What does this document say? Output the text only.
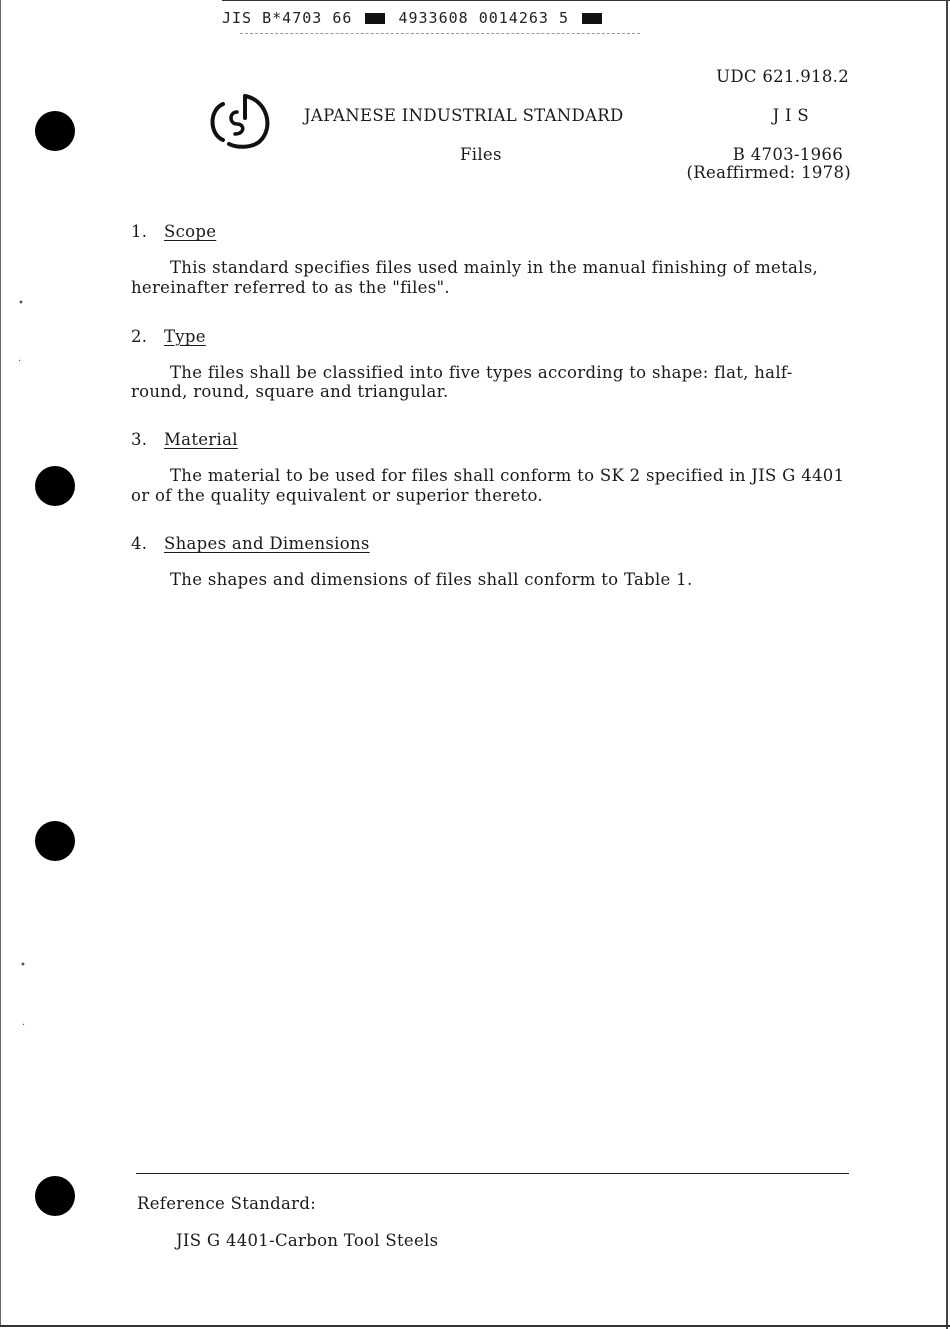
JIS B*4703 66	4933608 0014263 5
JAPANESE INDUSTRIAL STANDARD
Files
UDC 621.918.2
J I S
B 4703-1966
(Reaffirmed: 1978)
1. Scope
This standard specifies files used mainly in the manual finishing of metals,
hereinafter referred to as the "files".
2. Type
The files shall be classified into five types according to shape: flat, half-
round, round, square and triangular.
3. Material
The material to be used for files shall conform to SK 2 specified in JIS G 4401
or of the quality equivalent or superior thereto.
4. Shapes and Dimensions
The shapes and dimensions of files shall conform to Table 1.
•
·
•
·
Reference Standard:
JIS G 4401-Carbon Tool Steels
